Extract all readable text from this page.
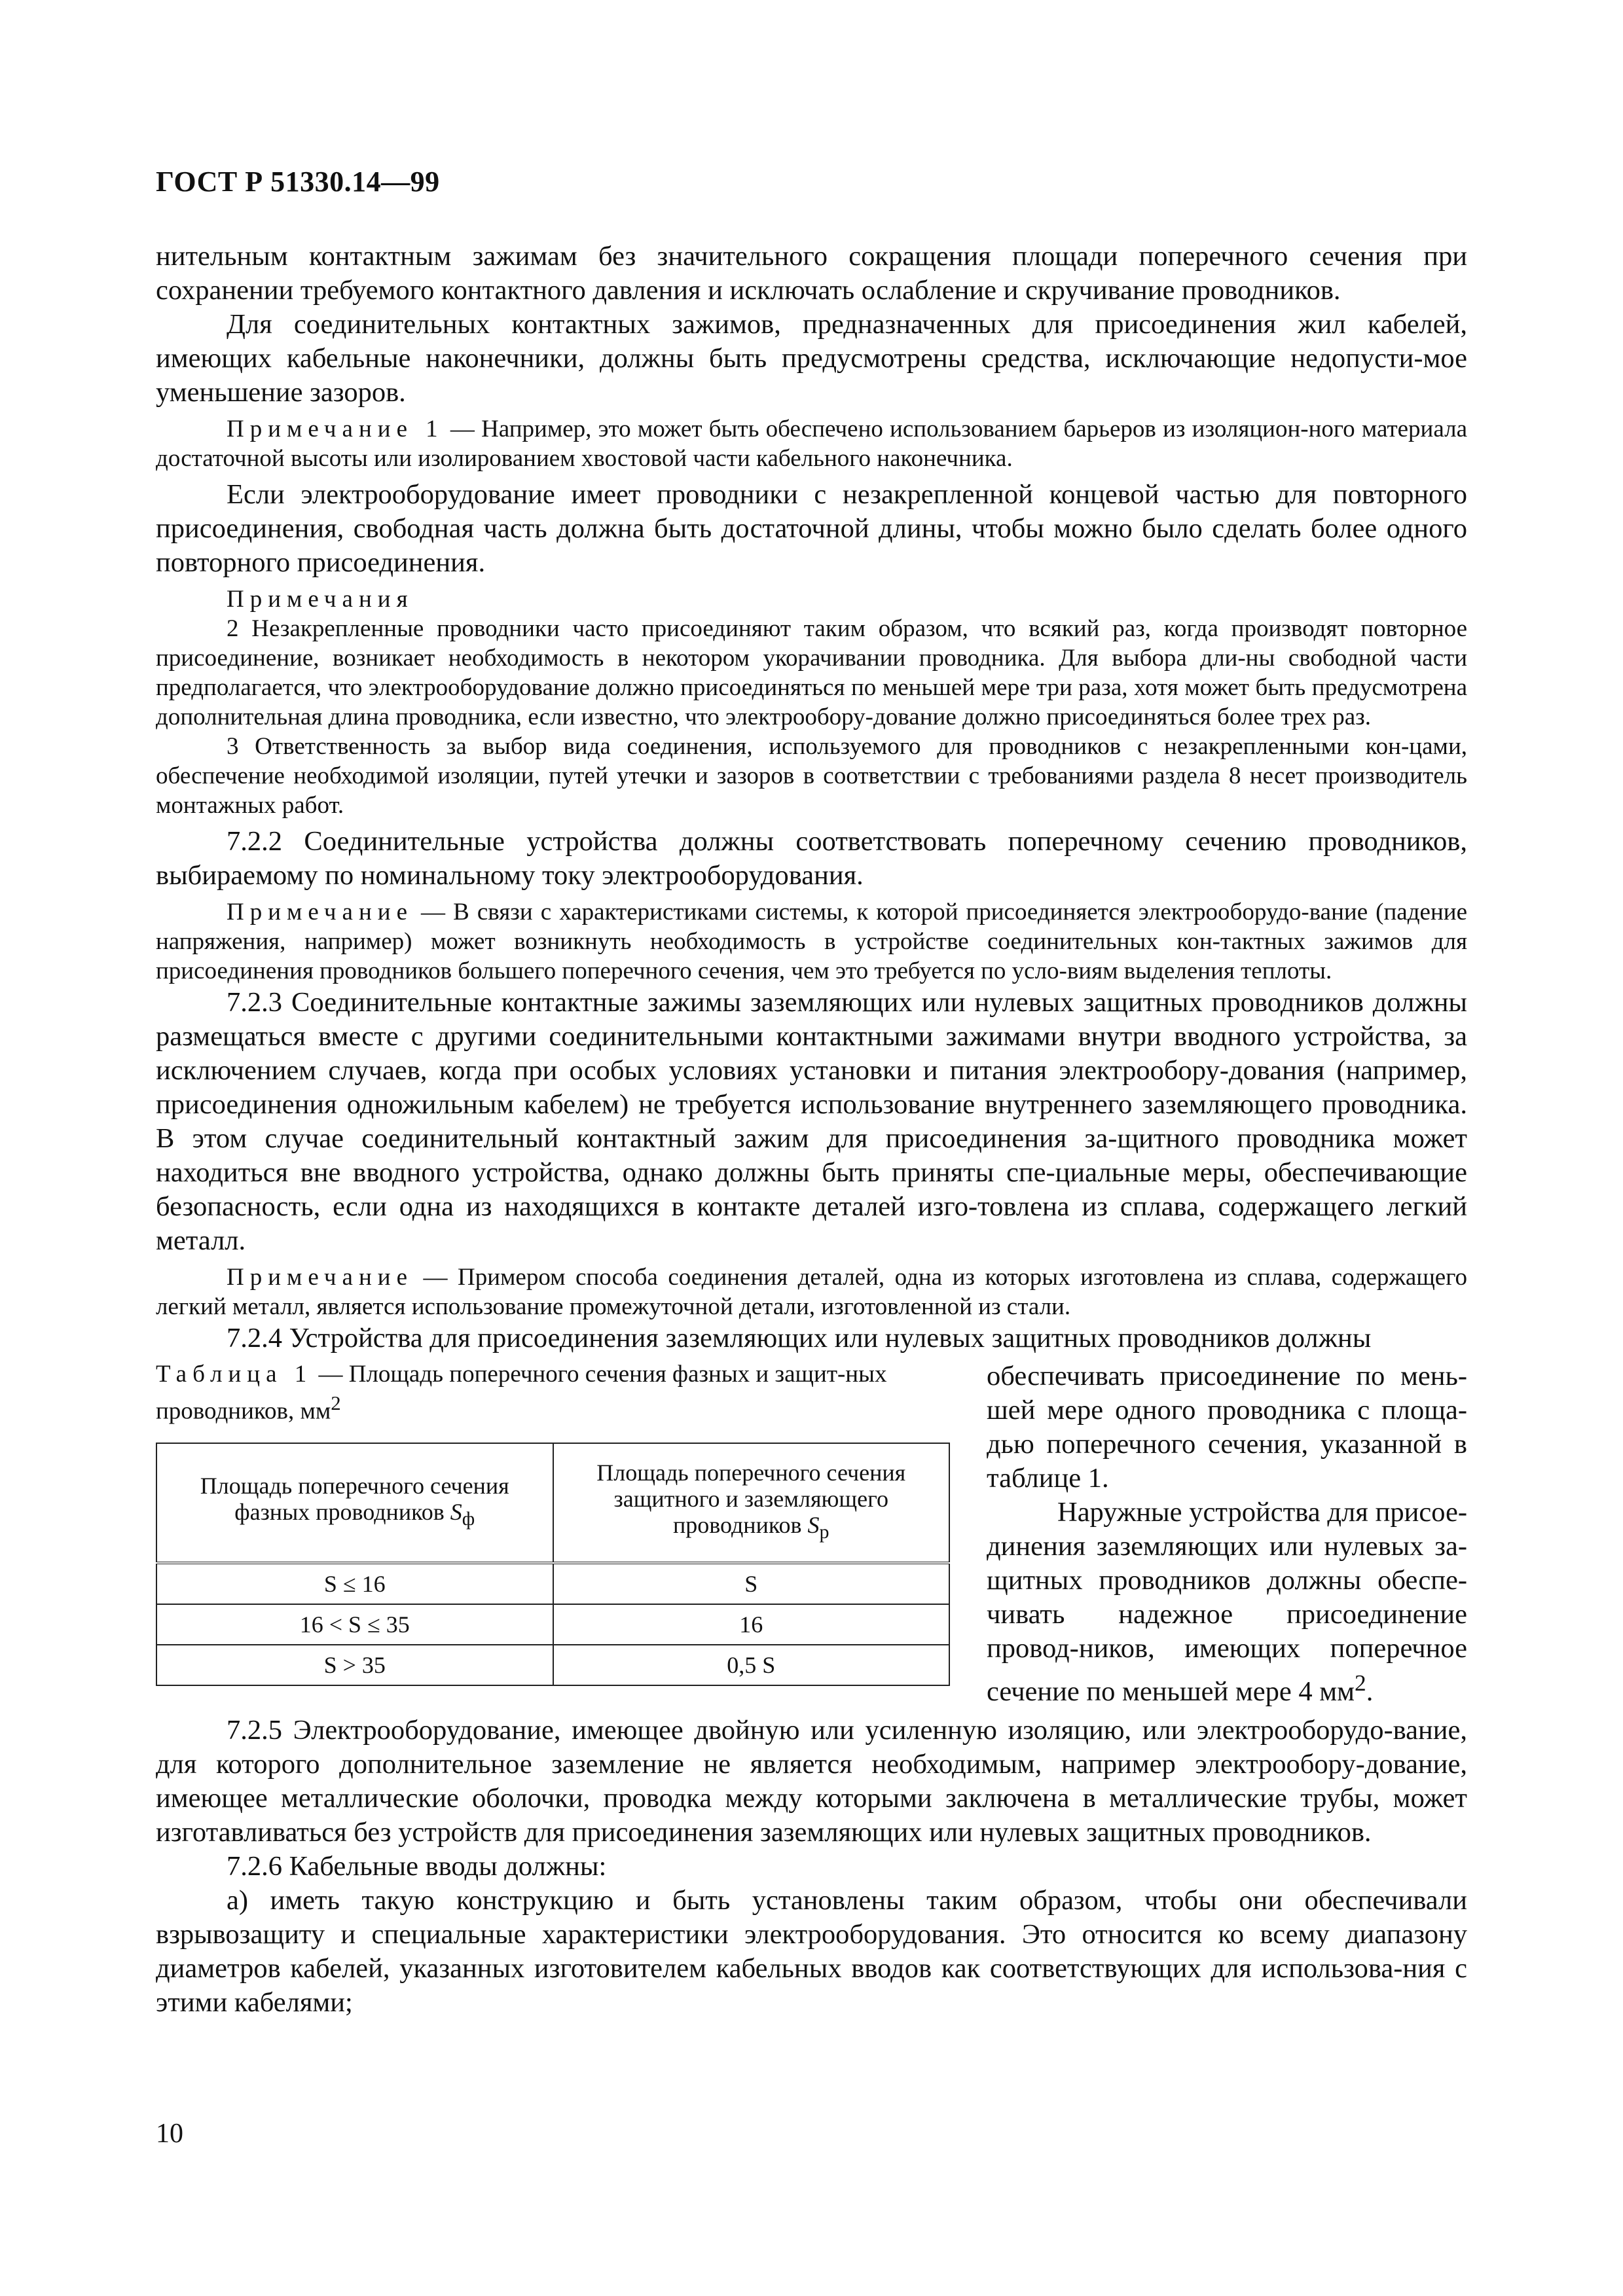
ГОСТ Р 51330.14—99

нительным контактным зажимам без значительного сокращения площади поперечного сечения при сохранении требуемого контактного давления и исключать ослабление и скручивание проводников.

Для соединительных контактных зажимов, предназначенных для присоединения жил кабелей, имеющих кабельные наконечники, должны быть предусмотрены средства, исключающие недопусти-мое уменьшение зазоров.

Примечание 1 — Например, это может быть обеспечено использованием барьеров из изоляцион-ного материала достаточной высоты или изолированием хвостовой части кабельного наконечника.

Если электрооборудование имеет проводники с незакрепленной концевой частью для повторного присоединения, свободная часть должна быть достаточной длины, чтобы можно было сделать более одного повторного присоединения.

Примечания

2 Незакрепленные проводники часто присоединяют таким образом, что всякий раз, когда производят повторное присоединение, возникает необходимость в некотором укорачивании проводника. Для выбора дли-ны свободной части предполагается, что электрооборудование должно присоединяться по меньшей мере три раза, хотя может быть предусмотрена дополнительная длина проводника, если известно, что электрообору-дование должно присоединяться более трех раз.

3 Ответственность за выбор вида соединения, используемого для проводников с незакрепленными кон-цами, обеспечение необходимой изоляции, путей утечки и зазоров в соответствии с требованиями раздела 8 несет производитель монтажных работ.

7.2.2 Соединительные устройства должны соответствовать поперечному сечению проводников, выбираемому по номинальному току электрооборудования.

Примечание — В связи с характеристиками системы, к которой присоединяется электрооборудо-вание (падение напряжения, например) может возникнуть необходимость в устройстве соединительных кон-тактных зажимов для присоединения проводников большего поперечного сечения, чем это требуется по усло-виям выделения теплоты.

7.2.3 Соединительные контактные зажимы заземляющих или нулевых защитных проводников должны размещаться вместе с другими соединительными контактными зажимами внутри вводного устройства, за исключением случаев, когда при особых условиях установки и питания электрообору-дования (например, присоединения одножильным кабелем) не требуется использование внутреннего заземляющего проводника. В этом случае соединительный контактный зажим для присоединения за-щитного проводника может находиться вне вводного устройства, однако должны быть приняты спе-циальные меры, обеспечивающие безопасность, если одна из находящихся в контакте деталей изго-товлена из сплава, содержащего легкий металл.

Примечание — Примером способа соединения деталей, одна из которых изготовлена из сплава, содержащего легкий металл, является использование промежуточной детали, изготовленной из стали.

7.2.4 Устройства для присоединения заземляющих или нулевых защитных проводников должны

Таблица 1 — Площадь поперечного сечения фазных и защит-ных проводников, $мм^2$

Площадь поперечного сечения фазных проводников $S_ф$	Площадь поперечного сечения защитного и заземляющего проводников $S_p$
S ≤ 16	S
16 < S ≤ 35	16
S > 35	0,5 S

обеспечивать присоединение по мень-шей мере одного проводника с площа-дью поперечного сечения, указанной в таблице 1.

Наружные устройства для присое-динения заземляющих или нулевых за-щитных проводников должны обеспе-чивать надежное присоединение провод-ников, имеющих поперечное сечение по меньшей мере 4 $мм^2$.

7.2.5 Электрооборудование, имеющее двойную или усиленную изоляцию, или электрооборудо-вание, для которого дополнительное заземление не является необходимым, например электрообору-дование, имеющее металлические оболочки, проводка между которыми заключена в металлические трубы, может изготавливаться без устройств для присоединения заземляющих или нулевых защитных проводников.

7.2.6 Кабельные вводы должны:

а) иметь такую конструкцию и быть установлены таким образом, чтобы они обеспечивали взрывозащиту и специальные характеристики электрооборудования. Это относится ко всему диапазону диаметров кабелей, указанных изготовителем кабельных вводов как соответствующих для использова-ния с этими кабелями;

10
